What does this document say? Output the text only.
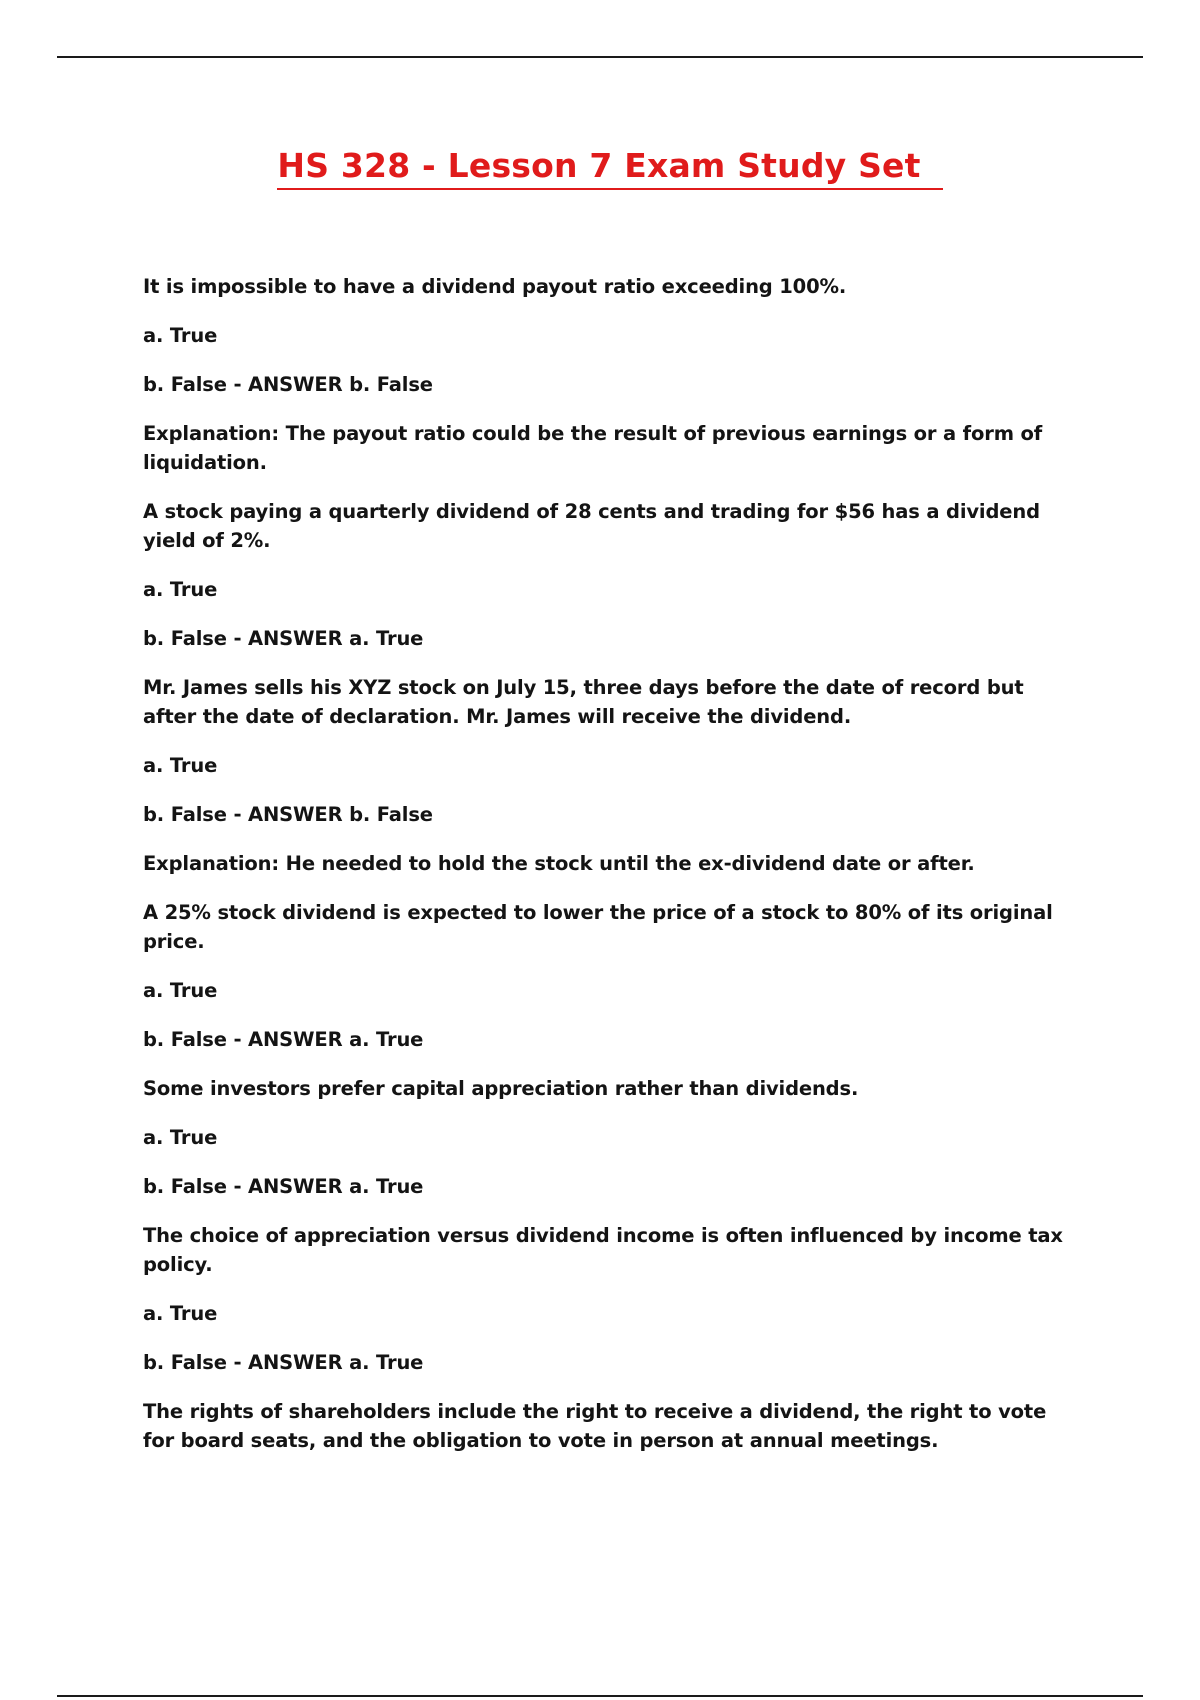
HS 328 - Lesson 7 Exam Study Set

It is impossible to have a dividend payout ratio exceeding 100%.

a. True

b. False - ANSWER b. False

Explanation: The payout ratio could be the result of previous earnings or a form of liquidation.

A stock paying a quarterly dividend of 28 cents and trading for $56 has a dividend yield of 2%.

a. True

b. False - ANSWER a. True

Mr. James sells his XYZ stock on July 15, three days before the date of record but after the date of declaration. Mr. James will receive the dividend.

a. True

b. False - ANSWER b. False

Explanation: He needed to hold the stock until the ex-dividend date or after.

A 25% stock dividend is expected to lower the price of a stock to 80% of its original price.

a. True

b. False - ANSWER a. True

Some investors prefer capital appreciation rather than dividends.

a. True

b. False - ANSWER a. True

The choice of appreciation versus dividend income is often influenced by income tax policy.

a. True

b. False - ANSWER a. True

The rights of shareholders include the right to receive a dividend, the right to vote for board seats, and the obligation to vote in person at annual meetings.
